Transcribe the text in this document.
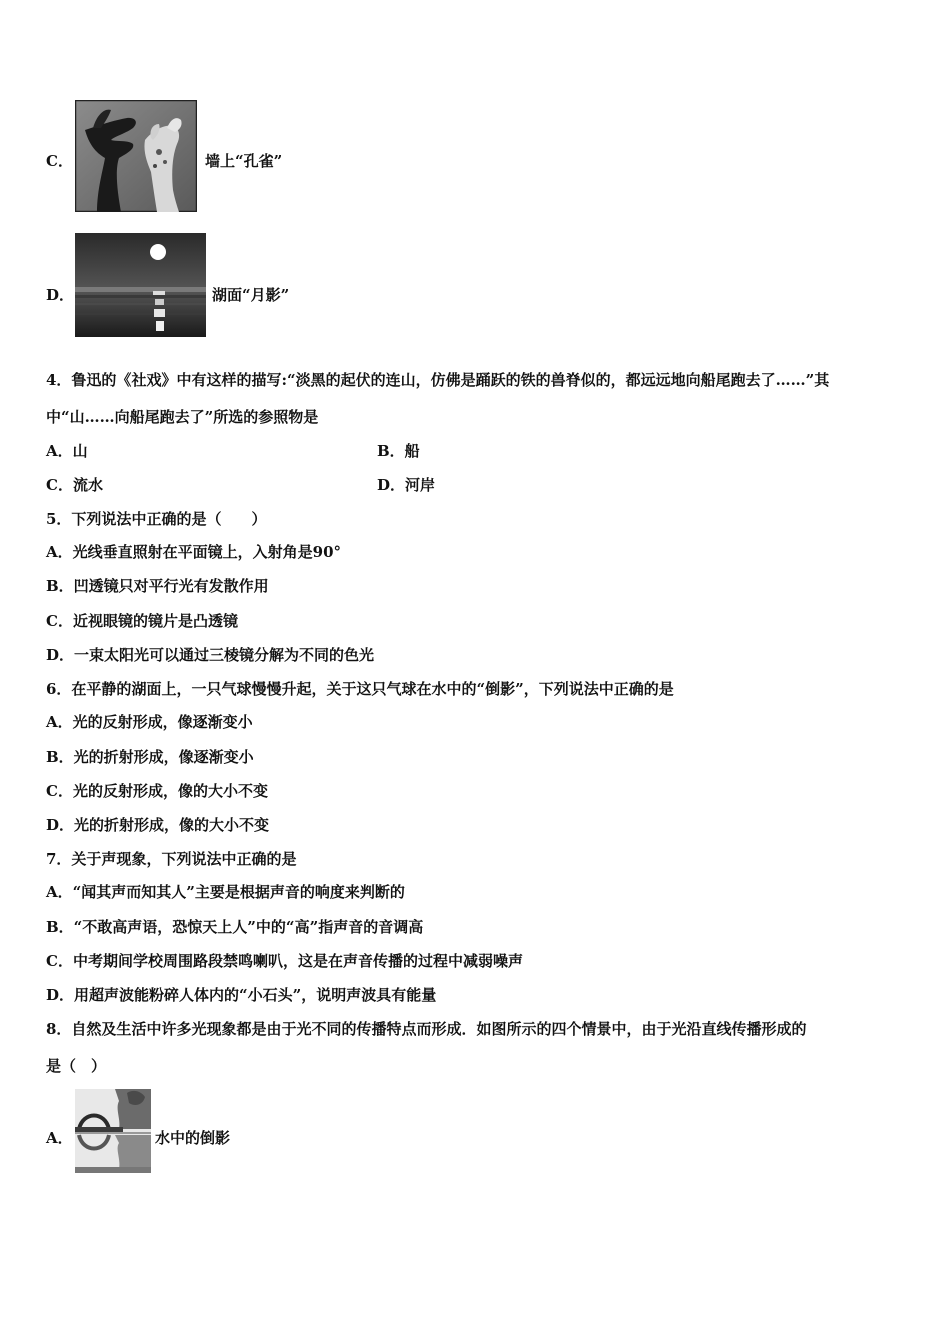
C．	墙上“孔雀”
D．	湖面“月影”
4．鲁迅的《社戏》中有这样的描写:“淡黑的起伏的连山，仿佛是踊跃的铁的兽脊似的，都远远地向船尾跑去了……”其
中“山……向船尾跑去了”所选的参照物是
A．山	B．船
C．流水	D．河岸
5．下列说法中正确的是（　　）
A．光线垂直照射在平面镜上，入射角是90°
B．凹透镜只对平行光有发散作用
C．近视眼镜的镜片是凸透镜
D．一束太阳光可以通过三棱镜分解为不同的色光
6．在平静的湖面上，一只气球慢慢升起，关于这只气球在水中的“倒影”，下列说法中正确的是
A．光的反射形成，像逐渐变小
B．光的折射形成，像逐渐变小
C．光的反射形成，像的大小不变
D．光的折射形成，像的大小不变
7．关于声现象，下列说法中正确的是
A．“闻其声而知其人”主要是根据声音的响度来判断的
B．“不敢高声语，恐惊天上人”中的“高”指声音的音调高
C．中考期间学校周围路段禁鸣喇叭，这是在声音传播的过程中减弱噪声
D．用超声波能粉碎人体内的“小石头”，说明声波具有能量
8．自然及生活中许多光现象都是由于光不同的传播特点而形成．如图所示的四个情景中，由于光沿直线传播形成的
是（　）
A．	水中的倒影
